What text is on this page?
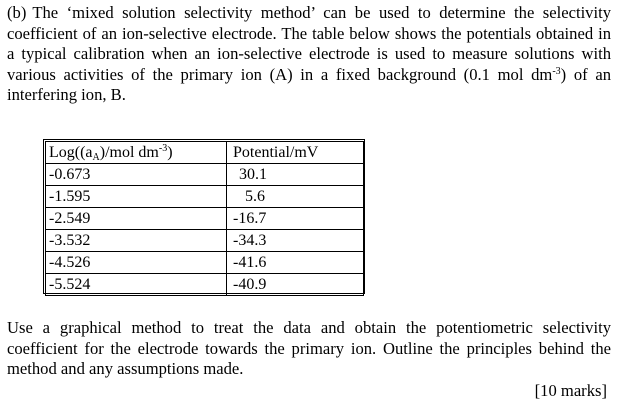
(b) The ‘mixed solution selectivity method’ can be used to determine the selectivity coefficient of an ion-selective electrode. The table below shows the potentials obtained in a typical calibration when an ion-selective electrode is used to measure solutions with various activities of the primary ion (A) in a fixed background (0.1 mol $dm^{-3}$) of an interfering ion, B.
$Log((a_A)$/mol $dm^{-3}$)	Potential/mV
-0.673	30.1
-1.595	5.6
-2.549	-16.7
-3.532	-34.3
-4.526	-41.6
-5.524	-40.9
Use a graphical method to treat the data and obtain the potentiometric selectivity coefficient for the electrode towards the primary ion. Outline the principles behind the method and any assumptions made.
[10 marks]
